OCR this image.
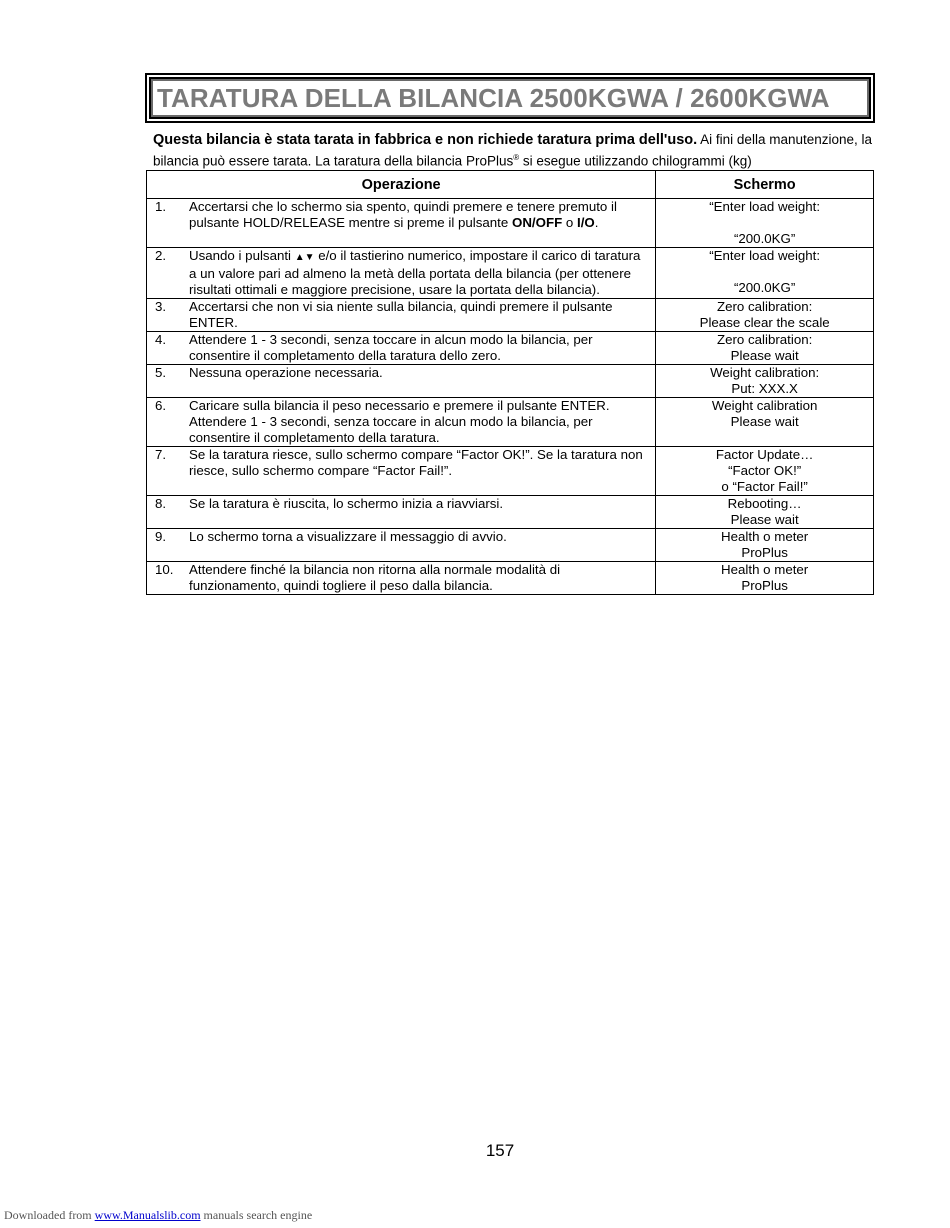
TARATURA DELLA BILANCIA 2500KGWA / 2600KGWA
Questa bilancia è stata tarata in fabbrica e non richiede taratura prima dell'uso. Ai fini della manutenzione, la bilancia può essere tarata. La taratura della bilancia ProPlus® si esegue utilizzando chilogrammi (kg)
Operazione	Schermo

1. Accertarsi che lo schermo sia spento, quindi premere e tenere premuto il pulsante HOLD/RELEASE mentre si preme il pulsante ON/OFF o I/O.	“Enter load weight:
“200.0KG”

2. Usando i pulsanti ▲▼ e/o il tastierino numerico, impostare il carico di taratura a un valore pari ad almeno la metà della portata della bilancia (per ottenere risultati ottimali e maggiore precisione, usare la portata della bilancia).	“Enter load weight:
“200.0KG”

3. Accertarsi che non vi sia niente sulla bilancia, quindi premere il pulsante ENTER.	Zero calibration:
Please clear the scale

4. Attendere 1 - 3 secondi, senza toccare in alcun modo la bilancia, per consentire il completamento della taratura dello zero.	Zero calibration:
Please wait

5. Nessuna operazione necessaria.	Weight calibration:
Put: XXX.X

6. Caricare sulla bilancia il peso necessario e premere il pulsante ENTER. Attendere 1 - 3 secondi, senza toccare in alcun modo la bilancia, per consentire il completamento della taratura.	Weight calibration
Please wait

7. Se la taratura riesce, sullo schermo compare “Factor OK!”. Se la taratura non riesce, sullo schermo compare “Factor Fail!”.	Factor Update…
“Factor OK!”
o “Factor Fail!”

8. Se la taratura è riuscita, lo schermo inizia a riavviarsi.	Rebooting…
Please wait

9. Lo schermo torna a visualizzare il messaggio di avvio.	Health o meter
ProPlus

10. Attendere finché la bilancia non ritorna alla normale modalità di funzionamento, quindi togliere il peso dalla bilancia.	Health o meter
ProPlus
157
Downloaded from www.Manualslib.com manuals search engine
